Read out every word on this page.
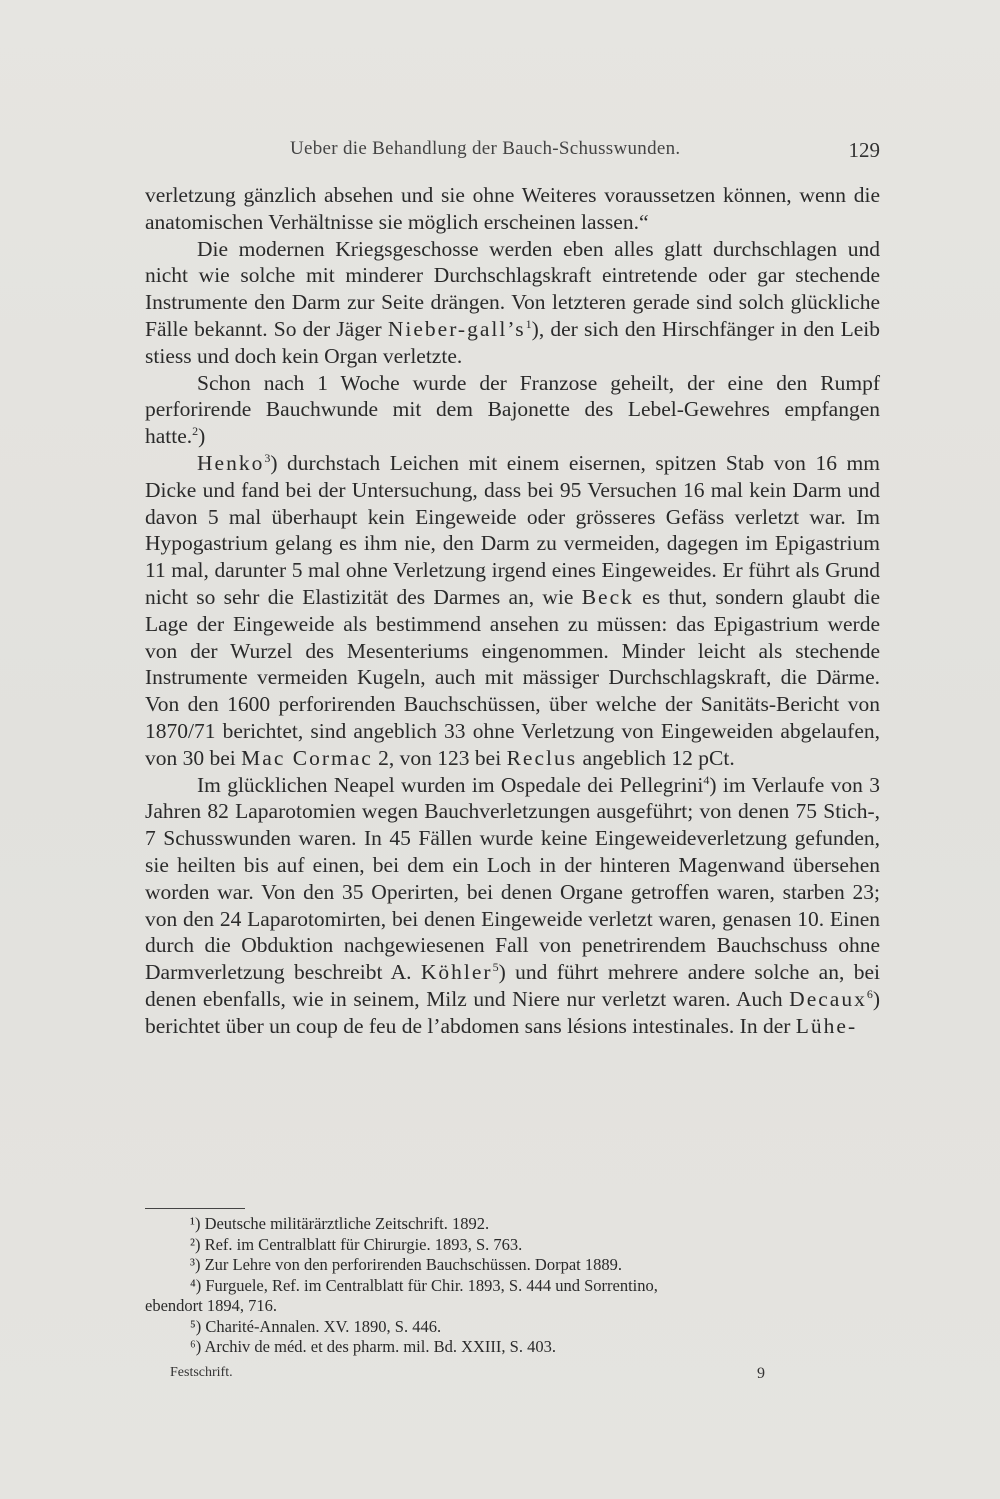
Ueber die Behandlung der Bauch-Schusswunden.	129

verletzung gänzlich absehen und sie ohne Weiteres voraussetzen können, wenn die anatomischen Verhältnisse sie möglich erscheinen lassen.“

Die modernen Kriegsgeschosse werden eben alles glatt durchschlagen und nicht wie solche mit minderer Durchschlagskraft eintretende oder gar stechende Instrumente den Darm zur Seite drängen. Von letzteren gerade sind solch glückliche Fälle bekannt. So der Jäger Nieber-$gall’s^1$), der sich den Hirschfänger in den Leib stiess und doch kein Organ verletzte.

Schon nach 1 Woche wurde der Franzose geheilt, der eine den Rumpf perforirende Bauchwunde mit dem Bajonette des Lebel-Gewehres empfangen hatte.$^2$)

Henko$^3$) durchstach Leichen mit einem eisernen, spitzen Stab von 16 mm Dicke und fand bei der Untersuchung, dass bei 95 Versuchen 16 mal kein Darm und davon 5 mal überhaupt kein Eingeweide oder grösseres Gefäss verletzt war. Im Hypogastrium gelang es ihm nie, den Darm zu vermeiden, dagegen im Epigastrium 11 mal, darunter 5 mal ohne Verletzung irgend eines Eingeweides. Er führt als Grund nicht so sehr die Elastizität des Darmes an, wie Beck es thut, sondern glaubt die Lage der Eingeweide als bestimmend ansehen zu müssen: das Epigastrium werde von der Wurzel des Mesenteriums eingenommen. Minder leicht als stechende Instrumente vermeiden Kugeln, auch mit mässiger Durchschlagskraft, die Därme. Von den 1600 perforirenden Bauchschüssen, über welche der Sanitäts-Bericht von 1870/71 berichtet, sind angeblich 33 ohne Verletzung von Eingeweiden abgelaufen, von 30 bei Mac Cormac 2, von 123 bei Reclus angeblich 12 pCt.

Im glücklichen Neapel wurden im Ospedale dei Pellegrini$^4$) im Verlaufe von 3 Jahren 82 Laparotomien wegen Bauchverletzungen ausgeführt; von denen 75 Stich-, 7 Schusswunden waren. In 45 Fällen wurde keine Eingeweideverletzung gefunden, sie heilten bis auf einen, bei dem ein Loch in der hinteren Magenwand übersehen worden war. Von den 35 Operirten, bei denen Organe getroffen waren, starben 23; von den 24 Laparotomirten, bei denen Eingeweide verletzt waren, genasen 10. Einen durch die Obduktion nachgewiesenen Fall von penetrirendem Bauchschuss ohne Darmverletzung beschreibt A. Köhler$^5$) und führt mehrere andere solche an, bei denen ebenfalls, wie in seinem, Milz und Niere nur verletzt waren. Auch Decaux$^6$) berichtet über un coup de feu de l’abdomen sans lésions intestinales. In der Lühe-

¹) Deutsche militärärztliche Zeitschrift. 1892.

²) Ref. im Centralblatt für Chirurgie. 1893, S. 763.

³) Zur Lehre von den perforirenden Bauchschüssen. Dorpat 1889.

⁴) Furguele, Ref. im Centralblatt für Chir. 1893, S. 444 und Sorrentino,

ebendort 1894, 716.

⁵) Charité-Annalen. XV. 1890, S. 446.

⁶) Archiv de méd. et des pharm. mil. Bd. XXIII, S. 403.

Festschrift.	9
